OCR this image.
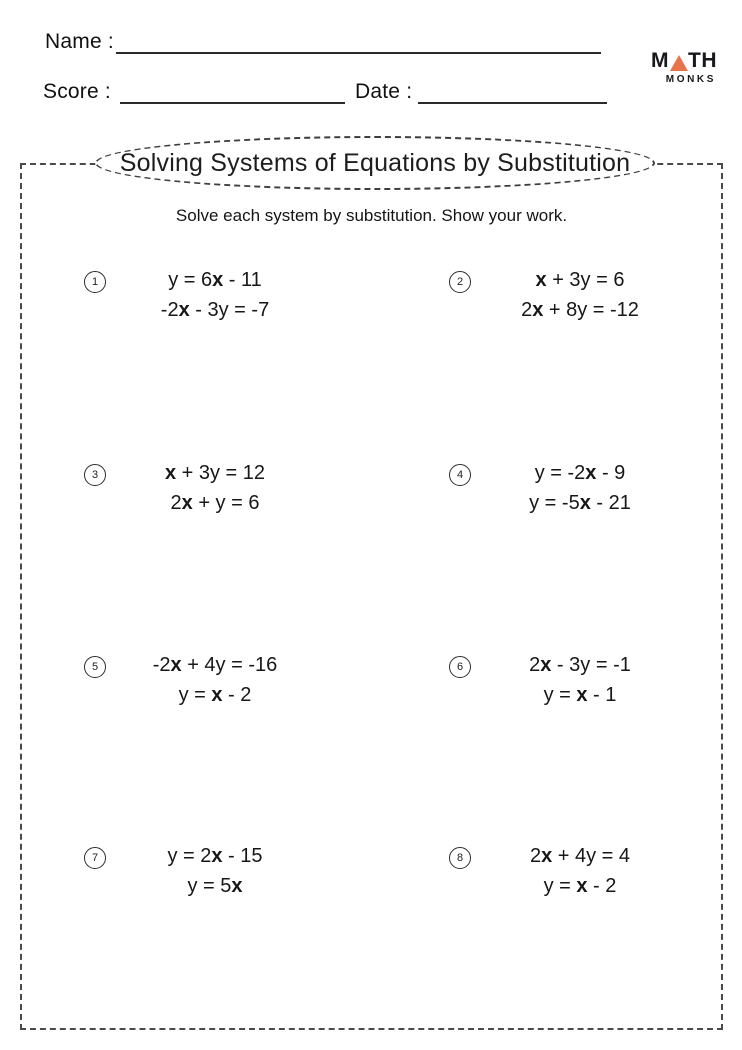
Name :
Score :	Date :
M TH
MONKS
Solving Systems of Equations by Substitution
Solve each system by substitution. Show your work.
1	y = 6x - 11
-2x - 3y = -7
2	x + 3y = 6
2x + 8y = -12
3	x + 3y = 12
2x + y = 6
4	y = -2x - 9
y = -5x - 21
5	-2x + 4y = -16
y = x - 2
6	2x - 3y = -1
y = x - 1
7	y = 2x - 15
y = 5x
8	2x + 4y = 4
y = x - 2
